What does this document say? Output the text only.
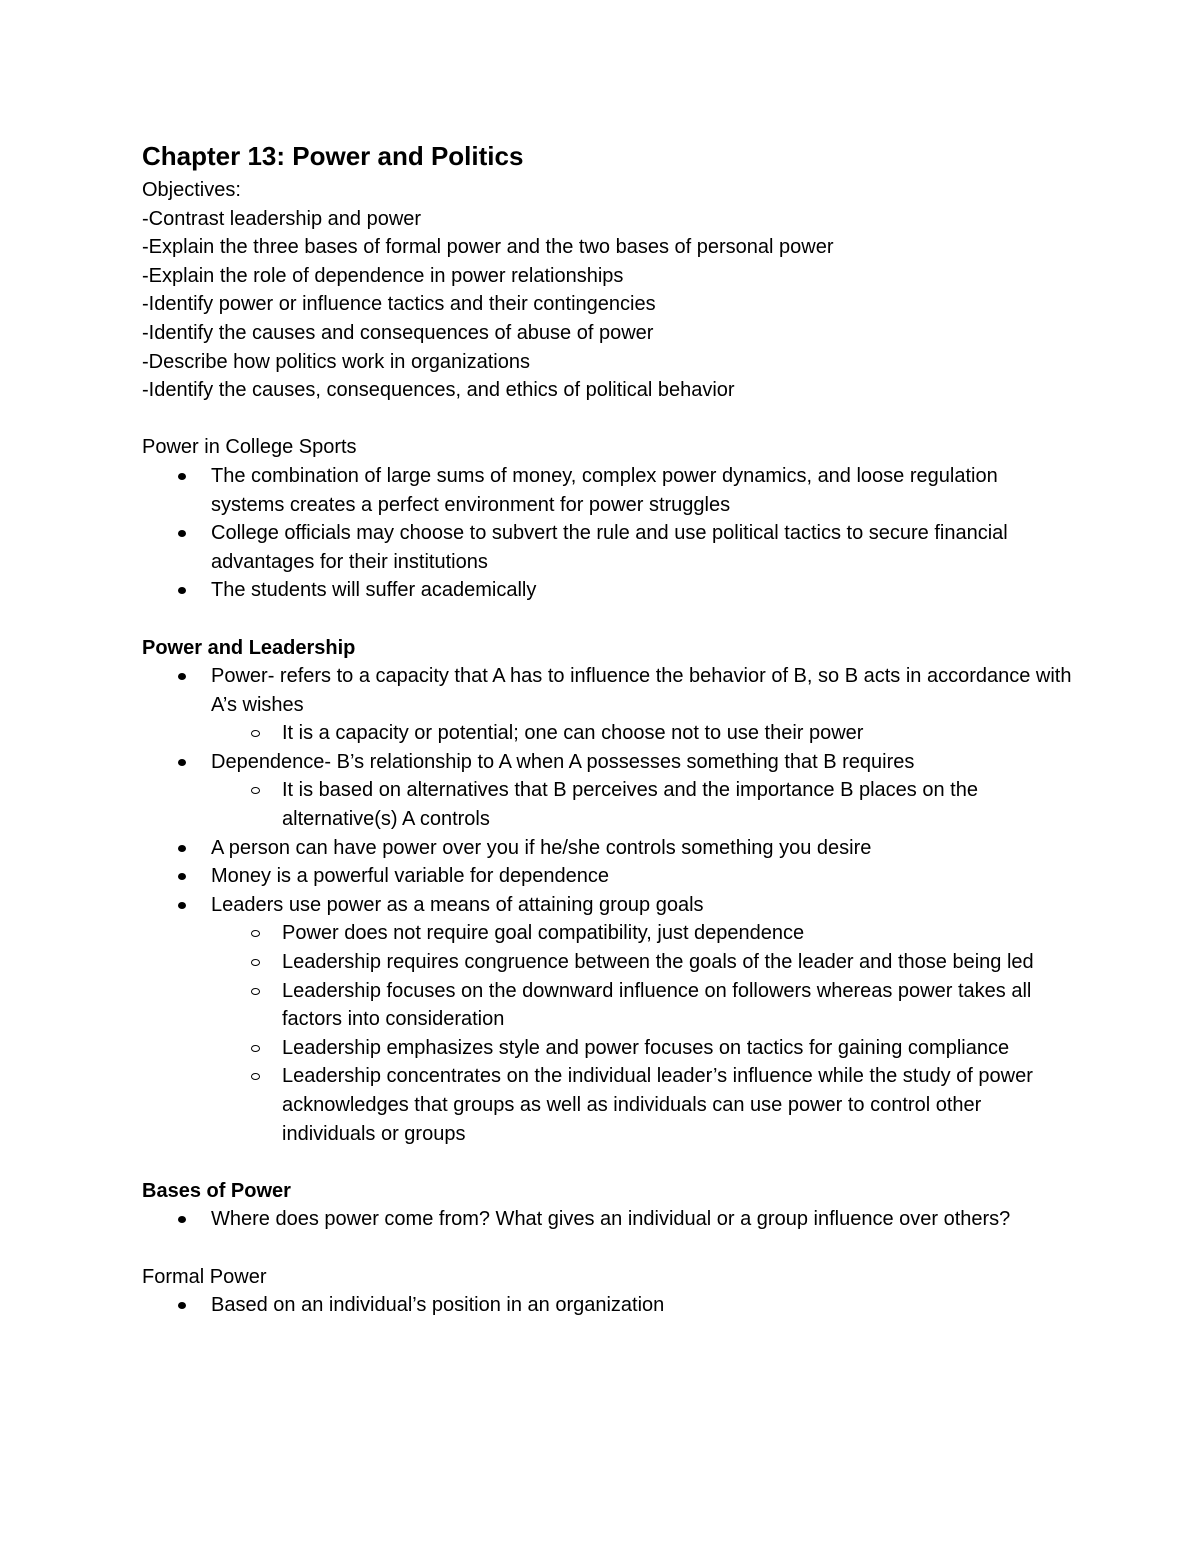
Chapter 13: Power and Politics

Objectives:

-Contrast leadership and power

-Explain the three bases of formal power and the two bases of personal power

-Explain the role of dependence in power relationships

-Identify power or influence tactics and their contingencies

-Identify the causes and consequences of abuse of power

-Describe how politics work in organizations

-Identify the causes, consequences, and ethics of political behavior

Power in College Sports

The combination of large sums of money, complex power dynamics, and loose regulation systems creates a perfect environment for power struggles
College officials may choose to subvert the rule and use political tactics to secure financial advantages for their institutions
The students will suffer academically

Power and Leadership

Power- refers to a capacity that A has to influence the behavior of B, so B acts in accordance with A’s wishes
It is a capacity or potential; one can choose not to use their power
Dependence- B’s relationship to A when A possesses something that B requires
It is based on alternatives that B perceives and the importance B places on the alternative(s) A controls
A person can have power over you if he/she controls something you desire
Money is a powerful variable for dependence
Leaders use power as a means of attaining group goals
Power does not require goal compatibility, just dependence
Leadership requires congruence between the goals of the leader and those being led
Leadership focuses on the downward influence on followers whereas power takes all factors into consideration
Leadership emphasizes style and power focuses on tactics for gaining compliance
Leadership concentrates on the individual leader’s influence while the study of power acknowledges that groups as well as individuals can use power to control other individuals or groups

Bases of Power

Where does power come from? What gives an individual or a group influence over others?

Formal Power

Based on an individual’s position in an organization
